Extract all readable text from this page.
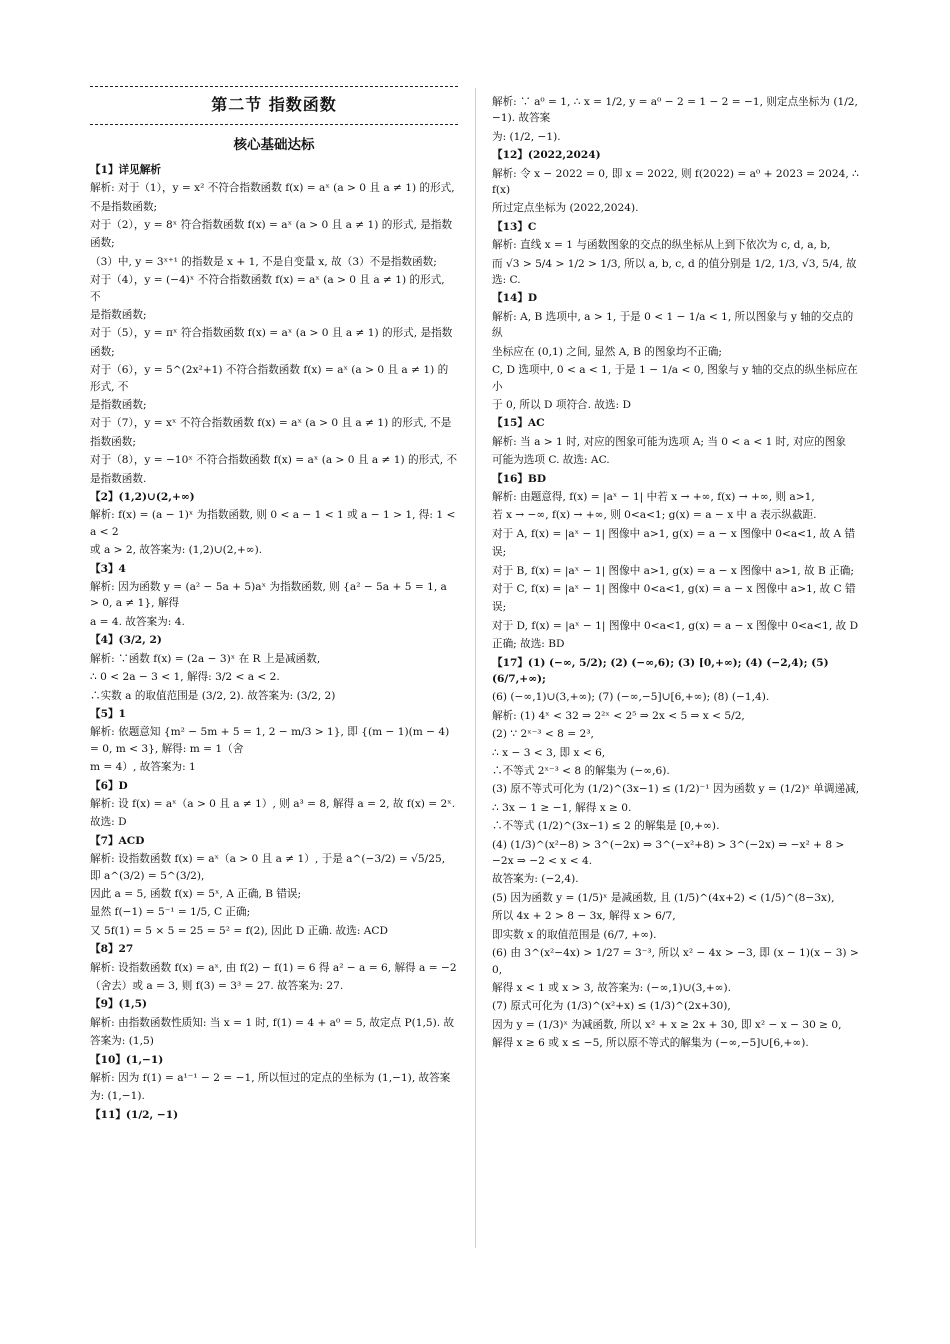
第二节 指数函数
核心基础达标

【1】详见解析

解析: 对于（1），y = x² 不符合指数函数 f(x) = aˣ (a > 0 且 a ≠ 1) 的形式,

不是指数函数;

对于（2），y = 8ˣ 符合指数函数 f(x) = aˣ (a > 0 且 a ≠ 1) 的形式, 是指数

函数;

（3）中, y = 3ˣ⁺¹ 的指数是 x + 1, 不是自变量 x, 故（3）不是指数函数;

对于（4），y = (−4)ˣ 不符合指数函数 f(x) = aˣ (a > 0 且 a ≠ 1) 的形式, 不

是指数函数;

对于（5），y = πˣ 符合指数函数 f(x) = aˣ (a > 0 且 a ≠ 1) 的形式, 是指数

函数;

对于（6），y = 5^(2x²+1) 不符合指数函数 f(x) = aˣ (a > 0 且 a ≠ 1) 的形式, 不

是指数函数;

对于（7），y = xˣ 不符合指数函数 f(x) = aˣ (a > 0 且 a ≠ 1) 的形式, 不是

指数函数;

对于（8），y = −10ˣ 不符合指数函数 f(x) = aˣ (a > 0 且 a ≠ 1) 的形式, 不

是指数函数.

【2】(1,2)∪(2,+∞)

解析: f(x) = (a − 1)ˣ 为指数函数, 则 0 < a − 1 < 1 或 a − 1 > 1, 得: 1 < a < 2

或 a > 2, 故答案为: (1,2)∪(2,+∞).

【3】4

解析: 因为函数 y = (a² − 5a + 5)aˣ 为指数函数, 则 {a² − 5a + 5 = 1, a > 0, a ≠ 1}, 解得

a = 4. 故答案为: 4.

【4】(3/2, 2)

解析: ∵函数 f(x) = (2a − 3)ˣ 在 R 上是减函数,

∴ 0 < 2a − 3 < 1, 解得: 3/2 < a < 2.

∴实数 a 的取值范围是 (3/2, 2). 故答案为: (3/2, 2)

【5】1

解析: 依题意知 {m² − 5m + 5 = 1, 2 − m/3 > 1}, 即 {(m − 1)(m − 4) = 0, m < 3}, 解得: m = 1（舍

m = 4）, 故答案为: 1

【6】D

解析: 设 f(x) = aˣ（a > 0 且 a ≠ 1）, 则 a³ = 8, 解得 a = 2, 故 f(x) = 2ˣ.

故选: D

【7】ACD

解析: 设指数函数 f(x) = aˣ（a > 0 且 a ≠ 1）, 于是 a^(−3/2) = √5/25, 即 a^(3/2) = 5^(3/2),

因此 a = 5, 函数 f(x) = 5ˣ, A 正确, B 错误;

显然 f(−1) = 5⁻¹ = 1/5, C 正确;

又 5f(1) = 5 × 5 = 25 = 5² = f(2), 因此 D 正确. 故选: ACD

【8】27

解析: 设指数函数 f(x) = aˣ, 由 f(2) − f(1) = 6 得 a² − a = 6, 解得 a = −2

（舍去）或 a = 3, 则 f(3) = 3³ = 27. 故答案为: 27.

【9】(1,5)

解析: 由指数函数性质知: 当 x = 1 时, f(1) = 4 + a⁰ = 5, 故定点 P(1,5). 故

答案为: (1,5)

【10】(1,−1)

解析: 因为 f(1) = a¹⁻¹ − 2 = −1, 所以恒过的定点的坐标为 (1,−1), 故答案

为: (1,−1).

【11】(1/2, −1)

解析: ∵ a⁰ = 1, ∴ x = 1/2, y = a⁰ − 2 = 1 − 2 = −1, 则定点坐标为 (1/2, −1). 故答案

为: (1/2, −1).

【12】(2022,2024)

解析: 令 x − 2022 = 0, 即 x = 2022, 则 f(2022) = a⁰ + 2023 = 2024, ∴ f(x)

所过定点坐标为 (2022,2024).

【13】C

解析: 直线 x = 1 与函数图象的交点的纵坐标从上到下依次为 c, d, a, b,

而 √3 > 5/4 > 1/2 > 1/3, 所以 a, b, c, d 的值分别是 1/2, 1/3, √3, 5/4, 故选: C.

【14】D

解析: A, B 选项中, a > 1, 于是 0 < 1 − 1/a < 1, 所以图象与 y 轴的交点的纵

坐标应在 (0,1) 之间, 显然 A, B 的图象均不正确;

C, D 选项中, 0 < a < 1, 于是 1 − 1/a < 0, 图象与 y 轴的交点的纵坐标应在小

于 0, 所以 D 项符合. 故选: D

【15】AC

解析: 当 a > 1 时, 对应的图象可能为选项 A; 当 0 < a < 1 时, 对应的图象

可能为选项 C. 故选: AC.

【16】BD

解析: 由题意得, f(x) = |aˣ − 1| 中若 x → +∞, f(x) → +∞, 则 a>1,

若 x → −∞, f(x) → +∞, 则 0<a<1; g(x) = a − x 中 a 表示纵截距.

对于 A, f(x) = |aˣ − 1| 图像中 a>1, g(x) = a − x 图像中 0<a<1, 故 A 错

误;

对于 B, f(x) = |aˣ − 1| 图像中 a>1, g(x) = a − x 图像中 a>1, 故 B 正确;

对于 C, f(x) = |aˣ − 1| 图像中 0<a<1, g(x) = a − x 图像中 a>1, 故 C 错

误;

对于 D, f(x) = |aˣ − 1| 图像中 0<a<1, g(x) = a − x 图像中 0<a<1, 故 D

正确; 故选: BD

【17】(1) (−∞, 5/2); (2) (−∞,6); (3) [0,+∞); (4) (−2,4); (5) (6/7,+∞);

(6) (−∞,1)∪(3,+∞); (7) (−∞,−5]∪[6,+∞); (8) (−1,4).

解析: (1) 4ˣ < 32 ⇒ 2²ˣ < 2⁵ ⇒ 2x < 5 ⇒ x < 5/2,

(2) ∵ 2ˣ⁻³ < 8 = 2³,

∴ x − 3 < 3, 即 x < 6,

∴不等式 2ˣ⁻³ < 8 的解集为 (−∞,6).

(3) 原不等式可化为 (1/2)^(3x−1) ≤ (1/2)⁻¹ 因为函数 y = (1/2)ˣ 单调递减,

∴ 3x − 1 ≥ −1, 解得 x ≥ 0.

∴不等式 (1/2)^(3x−1) ≤ 2 的解集是 [0,+∞).

(4) (1/3)^(x²−8) > 3^(−2x) ⇒ 3^(−x²+8) > 3^(−2x) ⇒ −x² + 8 > −2x ⇒ −2 < x < 4.

故答案为: (−2,4).

(5) 因为函数 y = (1/5)ˣ 是减函数, 且 (1/5)^(4x+2) < (1/5)^(8−3x),

所以 4x + 2 > 8 − 3x, 解得 x > 6/7,

即实数 x 的取值范围是 (6/7, +∞).

(6) 由 3^(x²−4x) > 1/27 = 3⁻³, 所以 x² − 4x > −3, 即 (x − 1)(x − 3) > 0,

解得 x < 1 或 x > 3, 故答案为: (−∞,1)∪(3,+∞).

(7) 原式可化为 (1/3)^(x²+x) ≤ (1/3)^(2x+30),

因为 y = (1/3)ˣ 为减函数, 所以 x² + x ≥ 2x + 30, 即 x² − x − 30 ≥ 0,

解得 x ≥ 6 或 x ≤ −5, 所以原不等式的解集为 (−∞,−5]∪[6,+∞).
